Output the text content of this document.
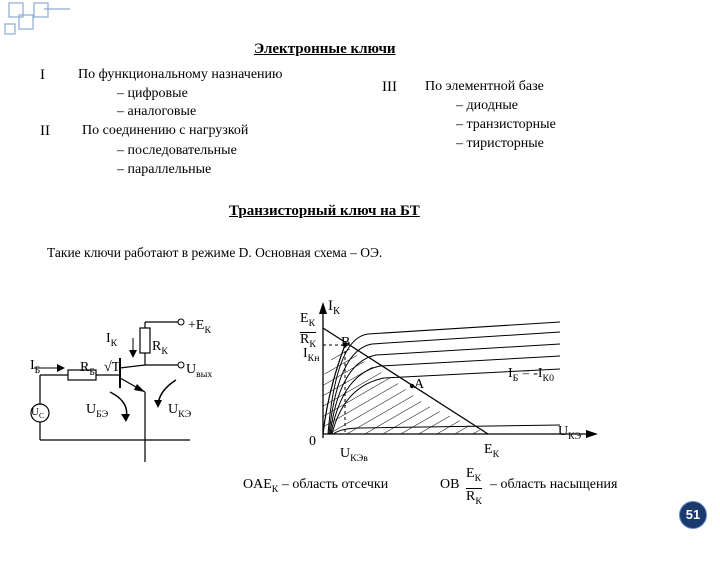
Электронные ключи
I По функциональному назначению
– цифровые
– аналоговые
II По соединению с нагрузкой
– последовательные
– параллельные
III По элементной базе
– диодные
– транзисторные
– тиристорные
Транзисторный ключ на БТ
Такие ключи работают в режиме D. Основная схема – ОЭ.
$+E_К$
$R_К$
$I_К$
$I_Б$	$R_Б$ √T	$U_{вых}$
$U_С$	$U_{БЭ}$	$U_{КЭ}$
$I_К$
$E_К$
$R_К$
$I_{Кн}$
B
A
$I_Б = -I_{К0}$
0
$U_{КЭв}$
$E_К$
$U_{КЭ}$
$OAE_К$ – область отсечки	OB
$E_К$
$R_К$
– область насыщения
51
